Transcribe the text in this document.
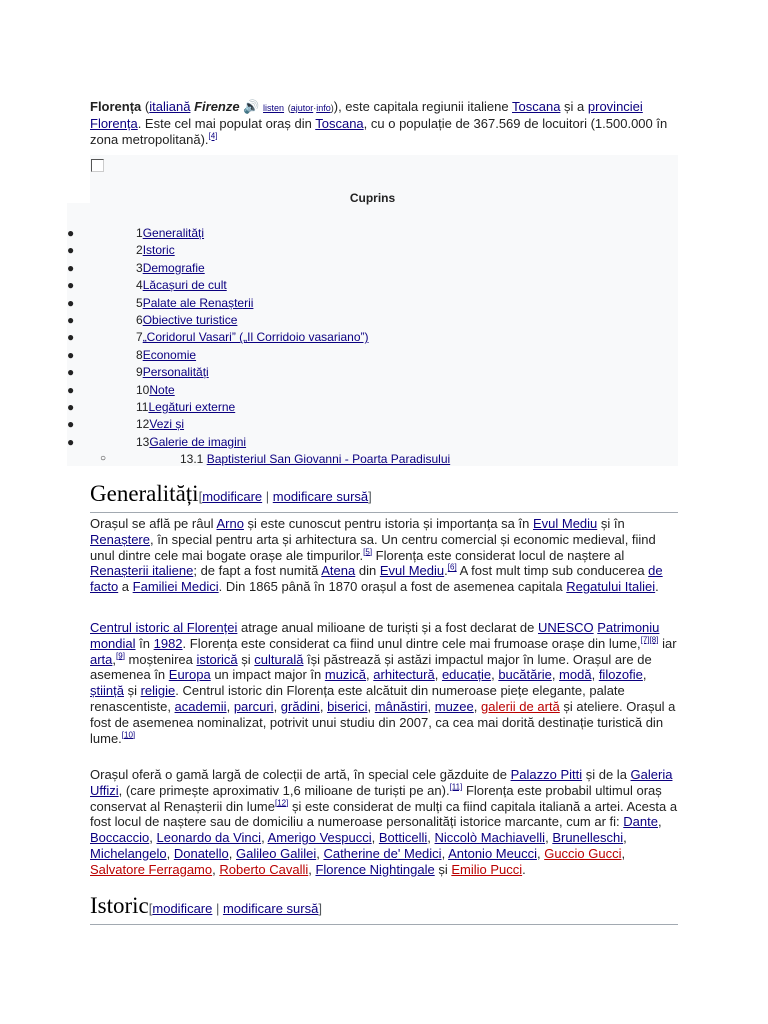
Florența (italiană Firenze 🔊 listen (ajutor·info)), este capitala regiunii italiene Toscana și a provinciei Florența. Este cel mai populat oraș din Toscana, cu o populație de 367.569 de locuitori (1.500.000 în zona metropolitană).[4]
Cuprins
●	1Generalități
●	2Istoric
●	3Demografie
●	4Lăcașuri de cult
●	5Palate ale Renașterii
●	6Obiective turistice
●	7„Coridorul Vasari” („Il Corridoio vasariano”)
●	8Economie
●	9Personalități
●	10Note
●	11Legături externe
●	12Vezi și
●	13Galerie de imagini
○	13.1 Baptisteriul San Giovanni - Poarta Paradisului
Generalități[modificare | modificare sursă]

Orașul se află pe râul Arno și este cunoscut pentru istoria și importanța sa în Evul Mediu și în Renaștere, în special pentru arta și arhitectura sa. Un centru comercial și economic medieval, fiind unul dintre cele mai bogate orașe ale timpurilor.[5] Florența este considerat locul de naștere al Renașterii italiene; de fapt a fost numită Atena din Evul Mediu.[6] A fost mult timp sub conducerea de facto a Familiei Medici. Din 1865 până în 1870 orașul a fost de asemenea capitala Regatului Italiei.

Centrul istoric al Florenței atrage anual milioane de turiști și a fost declarat de UNESCO Patrimoniu mondial în 1982. Florența este considerat ca fiind unul dintre cele mai frumoase orașe din lume,[7][8] iar arta,[9] moștenirea istorică și culturală își păstrează și astăzi impactul major în lume. Orașul are de asemenea în Europa un impact major în muzică, arhitectură, educație, bucătărie, modă, filozofie, știință și religie. Centrul istoric din Florența este alcătuit din numeroase piețe elegante, palate renascentiste, academii, parcuri, grădini, biserici, mânăstiri, muzee, galerii de artă și ateliere. Orașul a fost de asemenea nominalizat, potrivit unui studiu din 2007, ca cea mai dorită destinație turistică din lume.[10]

Orașul oferă o gamă largă de colecții de artă, în special cele găzduite de Palazzo Pitti și de la Galeria Uffizi, (care primește aproximativ 1,6 milioane de turiști pe an).[11] Florența este probabil ultimul oraș conservat al Renașterii din lume[12] și este considerat de mulți ca fiind capitala italiană a artei. Acesta a fost locul de naștere sau de domiciliu a numeroase personalități istorice marcante, cum ar fi: Dante, Boccaccio, Leonardo da Vinci, Amerigo Vespucci, Botticelli, Niccolò Machiavelli, Brunelleschi, Michelangelo, Donatello, Galileo Galilei, Catherine de' Medici, Antonio Meucci, Guccio Gucci, Salvatore Ferragamo, Roberto Cavalli, Florence Nightingale și Emilio Pucci.

Istoric[modificare | modificare sursă]
